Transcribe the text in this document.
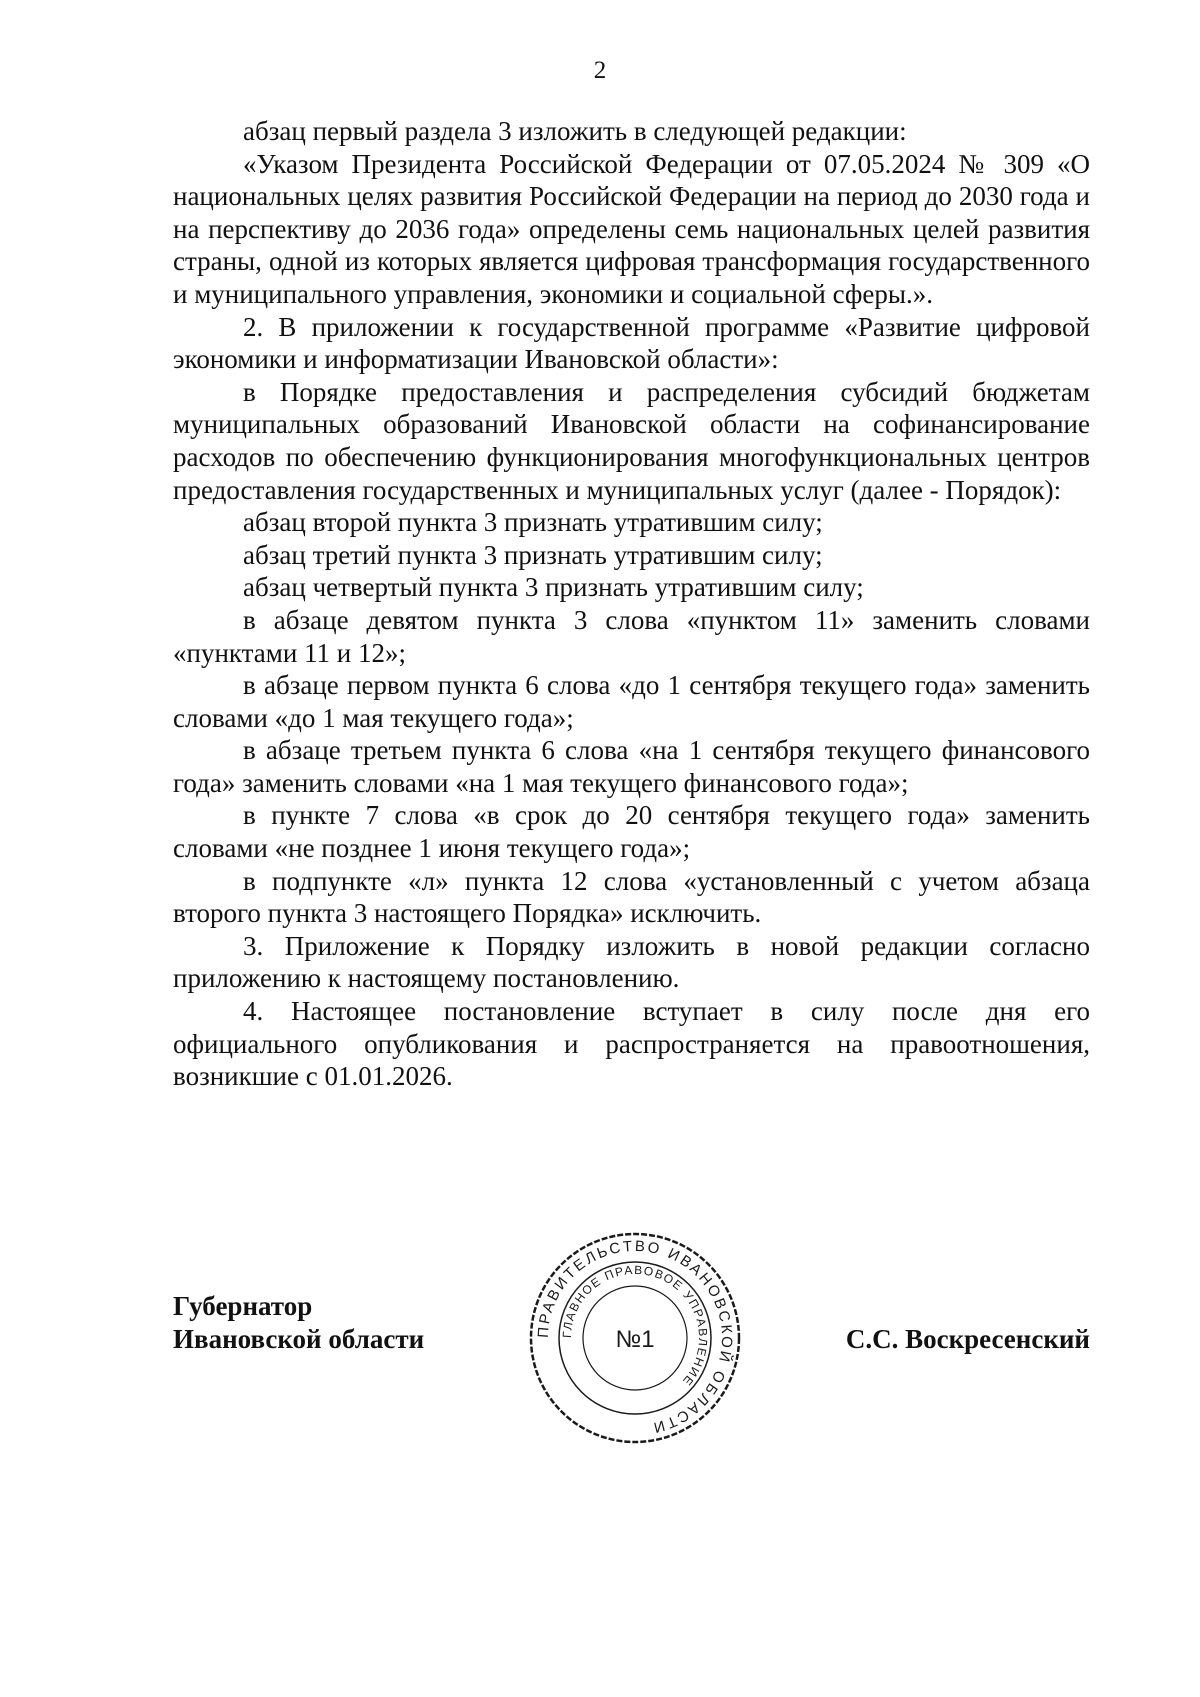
2

абзац первый раздела 3 изложить в следующей редакции:

«Указом Президента Российской Федерации от 07.05.2024 № 309 «О национальных целях развития Российской Федерации на период до 2030 года и на перспективу до 2036 года» определены семь национальных целей развития страны, одной из которых является цифровая трансформация государственного и муниципального управления, экономики и социальной сферы.».

2. В приложении к государственной программе «Развитие цифровой экономики и информатизации Ивановской области»:

в Порядке предоставления и распределения субсидий бюджетам муниципальных образований Ивановской области на софинансирование расходов по обеспечению функционирования многофункциональных центров предоставления государственных и муниципальных услуг (далее - Порядок):

абзац второй пункта 3 признать утратившим силу;

абзац третий пункта 3 признать утратившим силу;

абзац четвертый пункта 3 признать утратившим силу;

в абзаце девятом пункта 3 слова «пунктом 11» заменить словами «пунктами 11 и 12»;

в абзаце первом пункта 6 слова «до 1 сентября текущего года» заменить словами «до 1 мая текущего года»;

в абзаце третьем пункта 6 слова «на 1 сентября текущего финансового года» заменить словами «на 1 мая текущего финансового года»;

в пункте 7 слова «в срок до 20 сентября текущего года» заменить словами «не позднее 1 июня текущего года»;

в подпункте «л» пункта 12 слова «установленный с учетом абзаца второго пункта 3 настоящего Порядка» исключить.

3. Приложение к Порядку изложить в новой редакции согласно приложению к настоящему постановлению.

4. Настоящее постановление вступает в силу после дня его официального опубликования и распространяется на правоотношения, возникшие с 01.01.2026.

Губернатор
Ивановской области	С.С. Воскресенский
ПРАВИТЕЛЬСТВО ИВАНОВСКОЙ ОБЛАСТИ
ГЛАВНОЕ ПРАВОВОЕ УПРАВЛЕНИЕ
№1
